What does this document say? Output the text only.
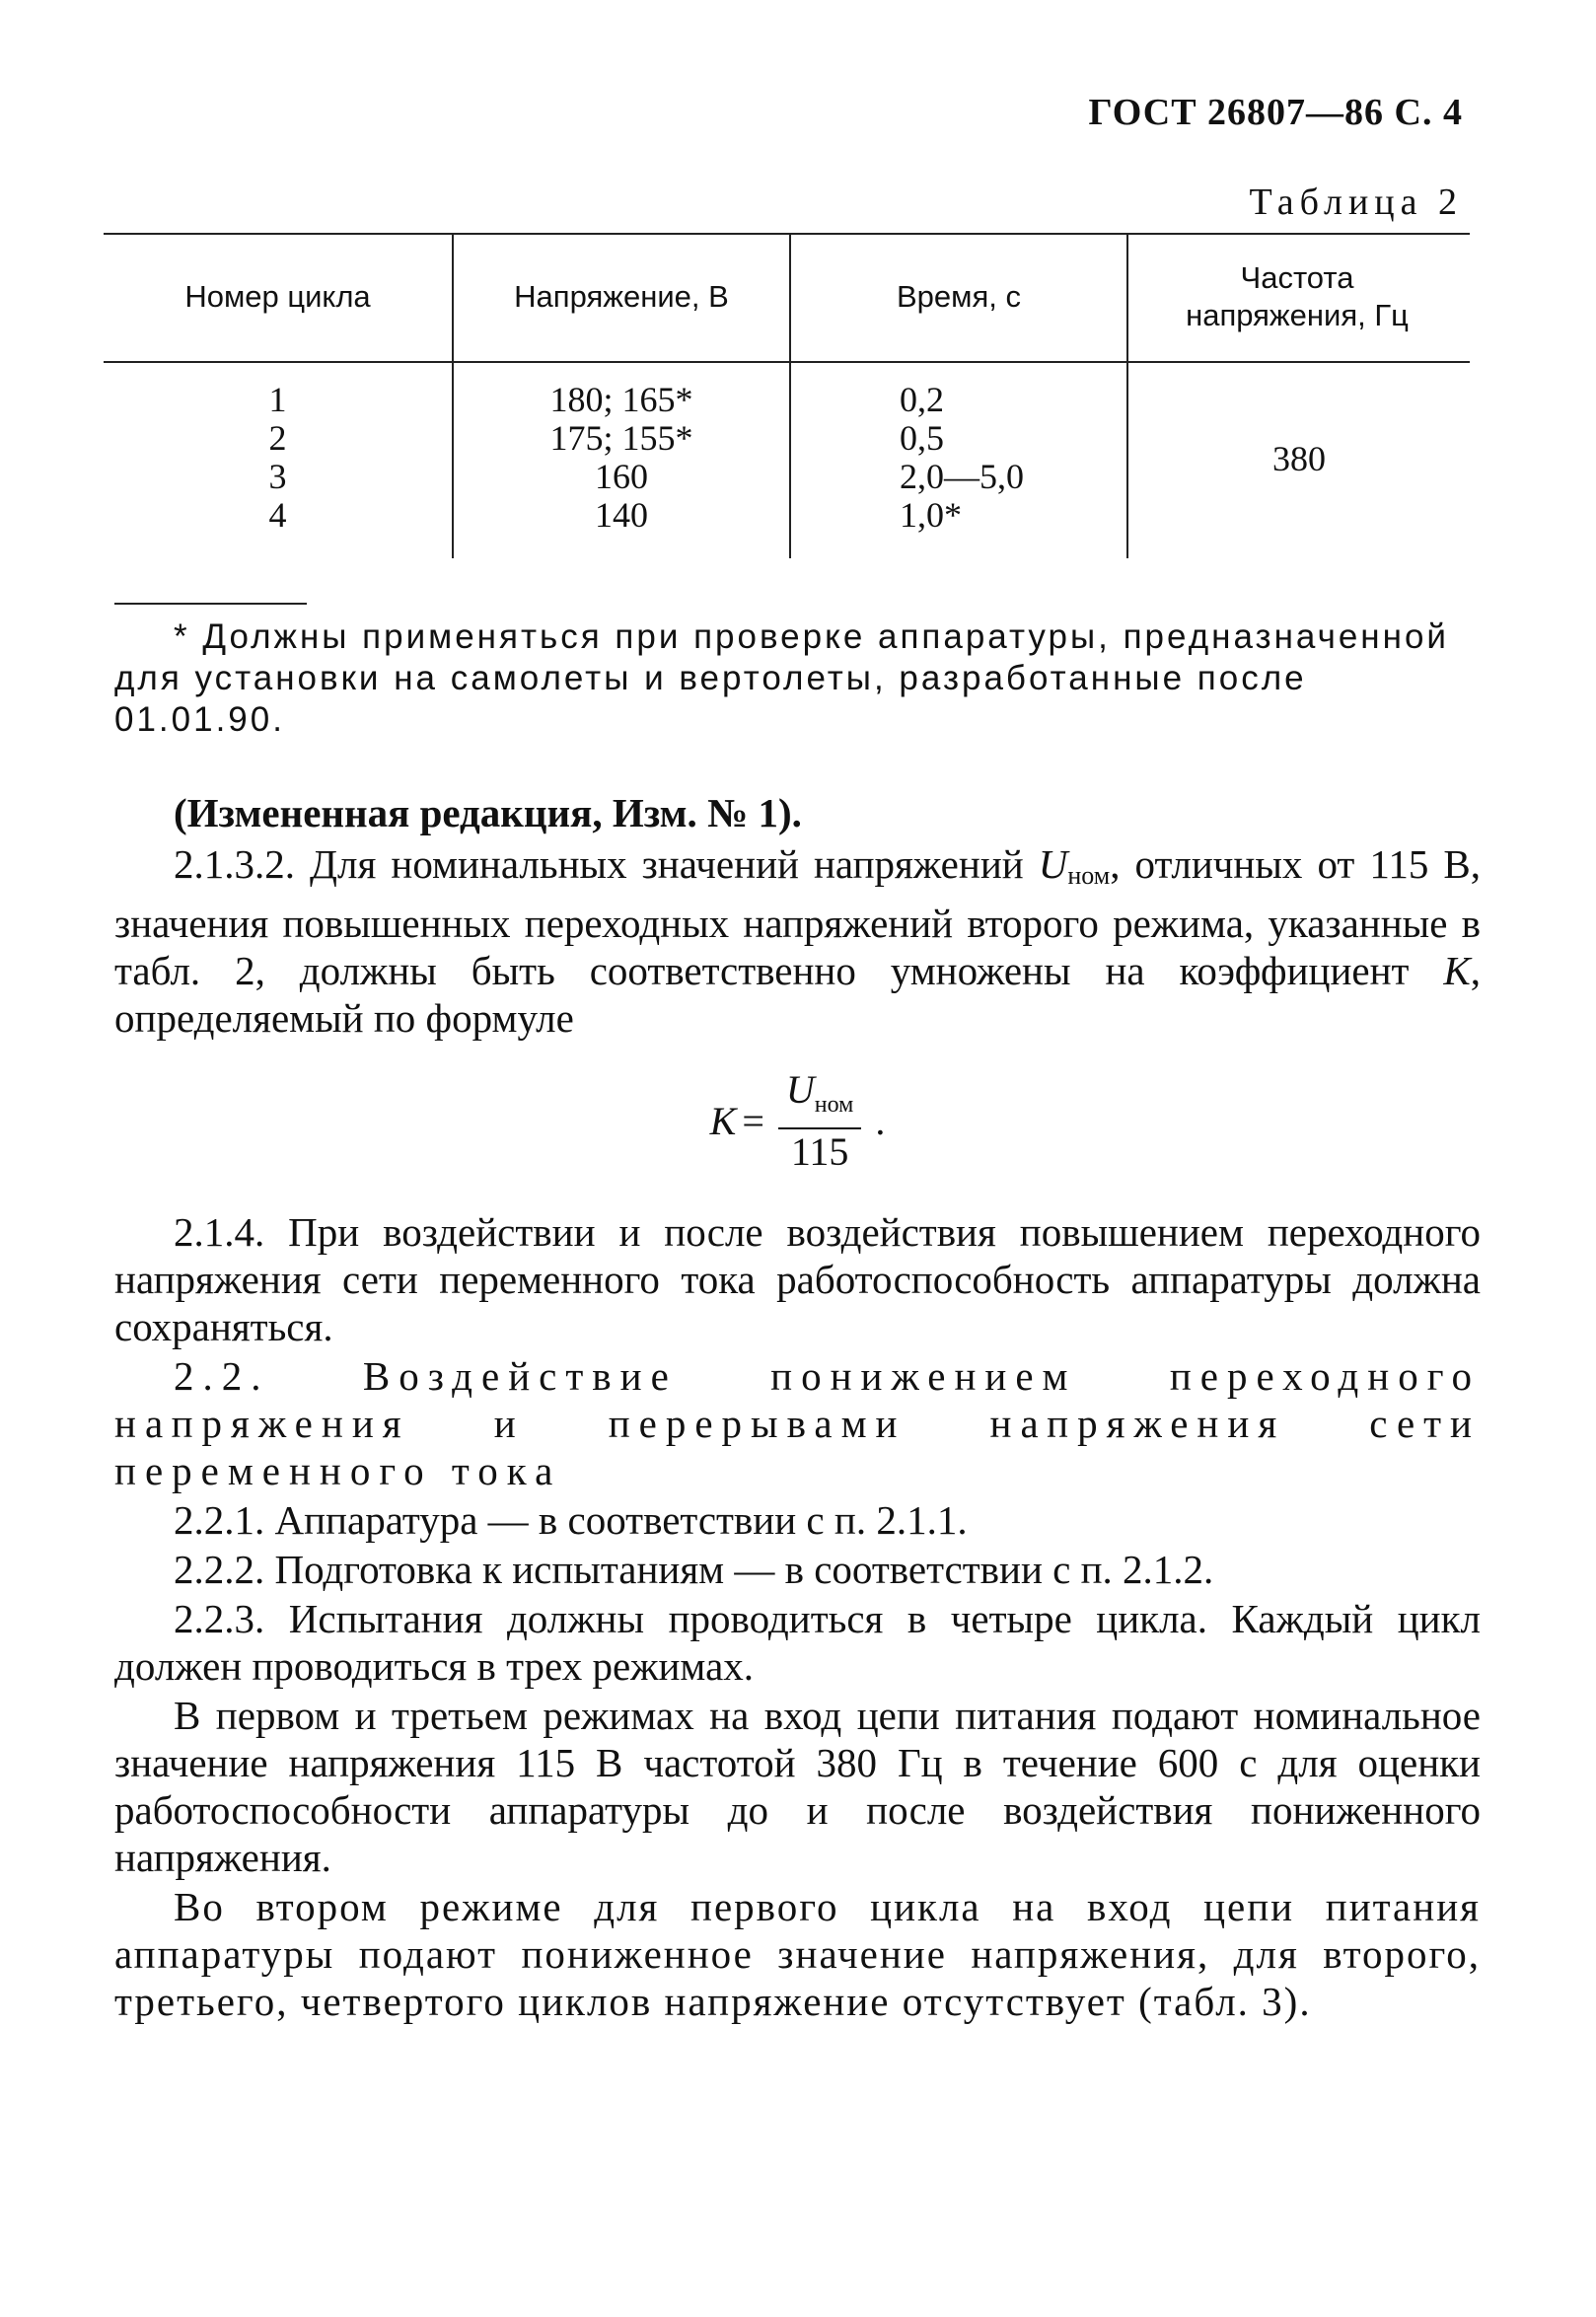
ГОСТ 26807—86 С. 4
Таблица 2
Номер цикла	Напряжение, В	Время, с
Частота напряжения, Гц
1
2
3
4
180; 165*
175; 155*
160
140
0,2
0,5
2,0—5,0
1,0*
380
* Должны применяться при проверке аппаратуры, предназначенной для установки на самолеты и вертолеты, разработанные после 01.01.90.

(Измененная редакция, Изм. № 1).

2.1.3.2. Для номинальных значений напряжений $U_{ном}$, отличных от 115 В, значения повышенных переходных напряжений второго режима, указанные в табл. 2, должны быть соответственно умножены на коэффициент K, определяемый по формуле

$K = \frac{U_{ном}}{115}$ .

2.1.4. При воздействии и после воздействия повышением переходного напряжения сети переменного тока работоспособность аппаратуры должна сохраняться.

2.2. Воздействие понижением переходного напряжения и перерывами напряжения сети переменного тока

2.2.1. Аппаратура — в соответствии с п. 2.1.1.

2.2.2. Подготовка к испытаниям — в соответствии с п. 2.1.2.

2.2.3. Испытания должны проводиться в четыре цикла. Каждый цикл должен проводиться в трех режимах.

В первом и третьем режимах на вход цепи питания подают номинальное значение напряжения 115 В частотой 380 Гц в течение 600 с для оценки работоспособности аппаратуры до и после воздействия пониженного напряжения.

Во втором режиме для первого цикла на вход цепи питания аппаратуры подают пониженное значение напряжения, для второго, третьего, четвертого циклов напряжение отсутствует (табл. 3).
